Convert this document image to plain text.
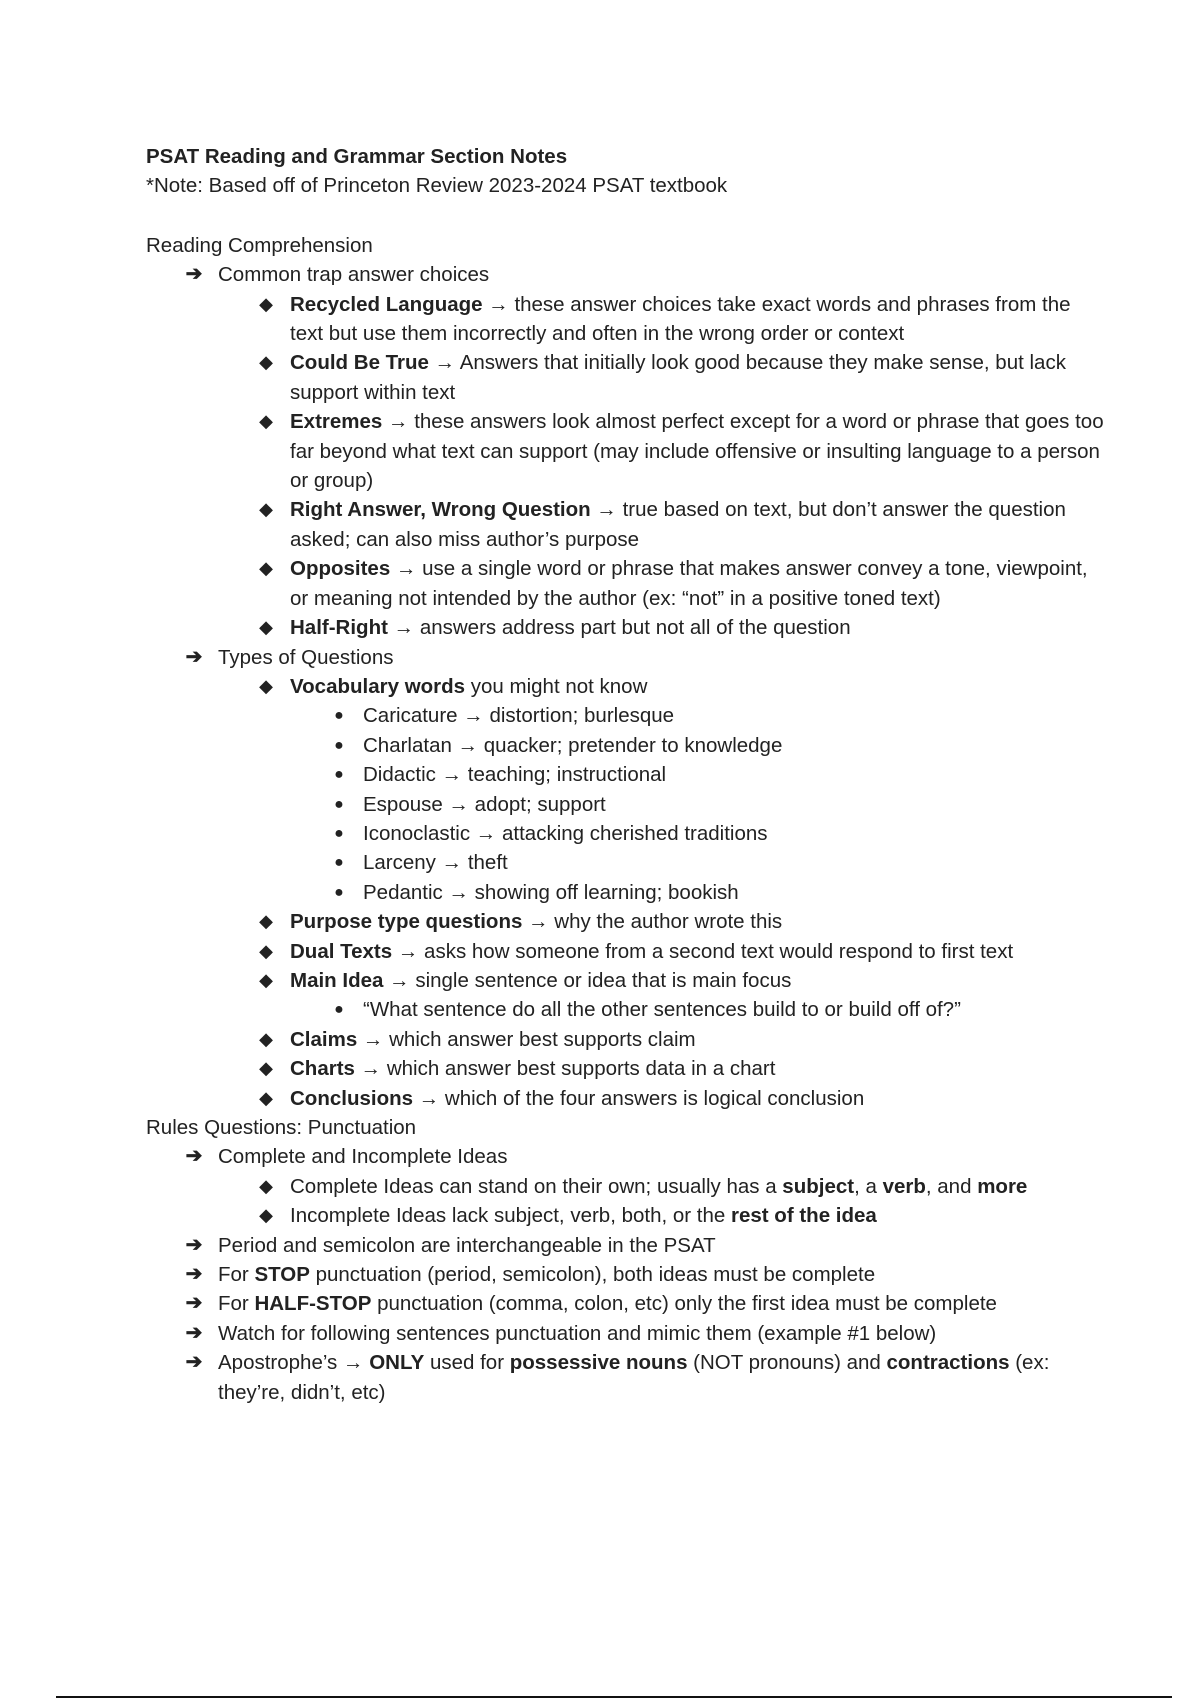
PSAT Reading and Grammar Section Notes

*Note: Based off of Princeton Review 2023-2024 PSAT textbook

Reading Comprehension

➔ Common trap answer choices

◆ Recycled Language → these answer choices take exact words and phrases from the text but use them incorrectly and often in the wrong order or context

◆ Could Be True → Answers that initially look good because they make sense, but lack support within text

◆ Extremes → these answers look almost perfect except for a word or phrase that goes too far beyond what text can support (may include offensive or insulting language to a person or group)

◆ Right Answer, Wrong Question → true based on text, but don’t answer the question asked; can also miss author’s purpose

◆ Opposites → use a single word or phrase that makes answer convey a tone, viewpoint, or meaning not intended by the author (ex: “not” in a positive toned text)

◆ Half-Right → answers address part but not all of the question

➔ Types of Questions

◆ Vocabulary words you might not know

● Caricature → distortion; burlesque

● Charlatan → quacker; pretender to knowledge

● Didactic → teaching; instructional

● Espouse → adopt; support

● Iconoclastic → attacking cherished traditions

● Larceny → theft

● Pedantic → showing off learning; bookish

◆ Purpose type questions → why the author wrote this

◆ Dual Texts → asks how someone from a second text would respond to first text

◆ Main Idea → single sentence or idea that is main focus

● “What sentence do all the other sentences build to or build off of?”

◆ Claims → which answer best supports claim

◆ Charts → which answer best supports data in a chart

◆ Conclusions → which of the four answers is logical conclusion

Rules Questions: Punctuation

➔ Complete and Incomplete Ideas

◆ Complete Ideas can stand on their own; usually has a subject, a verb, and more

◆ Incomplete Ideas lack subject, verb, both, or the rest of the idea

➔ Period and semicolon are interchangeable in the PSAT

➔ For STOP punctuation (period, semicolon), both ideas must be complete

➔ For HALF-STOP punctuation (comma, colon, etc) only the first idea must be complete

➔ Watch for following sentences punctuation and mimic them (example #1 below)

➔ Apostrophe’s → ONLY used for possessive nouns (NOT pronouns) and contractions (ex: they’re, didn’t, etc)
